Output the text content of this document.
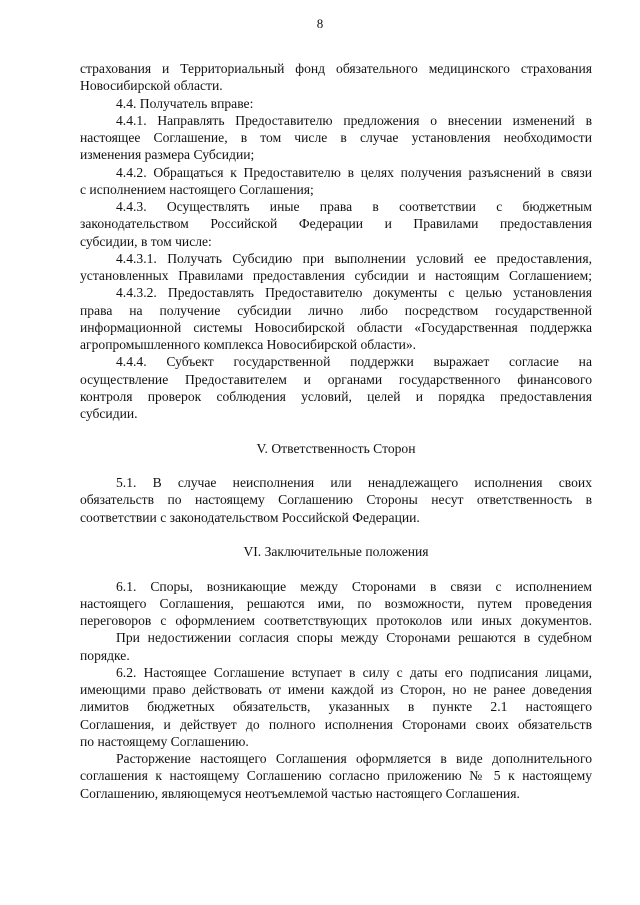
8
страхования и Территориальный фонд обязательного медицинского страхования
Новосибирской области.
4.4. Получатель вправе:
4.4.1. Направлять Предоставителю предложения о внесении изменений в
настоящее Соглашение, в том числе в случае установления необходимости
изменения размера Субсидии;
4.4.2. Обращаться к Предоставителю в целях получения разъяснений в связи
с исполнением настоящего Соглашения;
4.4.3. Осуществлять иные права в соответствии с бюджетным
законодательством Российской Федерации и Правилами предоставления
субсидии, в том числе:
4.4.3.1. Получать Субсидию при выполнении условий ее предоставления,
установленных Правилами предоставления субсидии и настоящим Соглашением;
4.4.3.2. Предоставлять Предоставителю документы с целью установления
права на получение субсидии лично либо посредством государственной
информационной системы Новосибирской области «Государственная поддержка
агропромышленного комплекса Новосибирской области».
4.4.4. Субъект государственной поддержки выражает согласие на
осуществление Предоставителем и органами государственного финансового
контроля проверок соблюдения условий, целей и порядка предоставления
субсидии.
V. Ответственность Сторон
5.1. В случае неисполнения или ненадлежащего исполнения своих
обязательств по настоящему Соглашению Стороны несут ответственность в
соответствии с законодательством Российской Федерации.
VI. Заключительные положения
6.1. Споры, возникающие между Сторонами в связи с исполнением
настоящего Соглашения, решаются ими, по возможности, путем проведения
переговоров с оформлением соответствующих протоколов или иных документов.
При недостижении согласия споры между Сторонами решаются в судебном
порядке.
6.2. Настоящее Соглашение вступает в силу с даты его подписания лицами,
имеющими право действовать от имени каждой из Сторон, но не ранее доведения
лимитов бюджетных обязательств, указанных в пункте 2.1 настоящего
Соглашения, и действует до полного исполнения Сторонами своих обязательств
по настоящему Соглашению.
Расторжение настоящего Соглашения оформляется в виде дополнительного
соглашения к настоящему Соглашению согласно приложению № 5 к настоящему
Соглашению, являющемуся неотъемлемой частью настоящего Соглашения.
